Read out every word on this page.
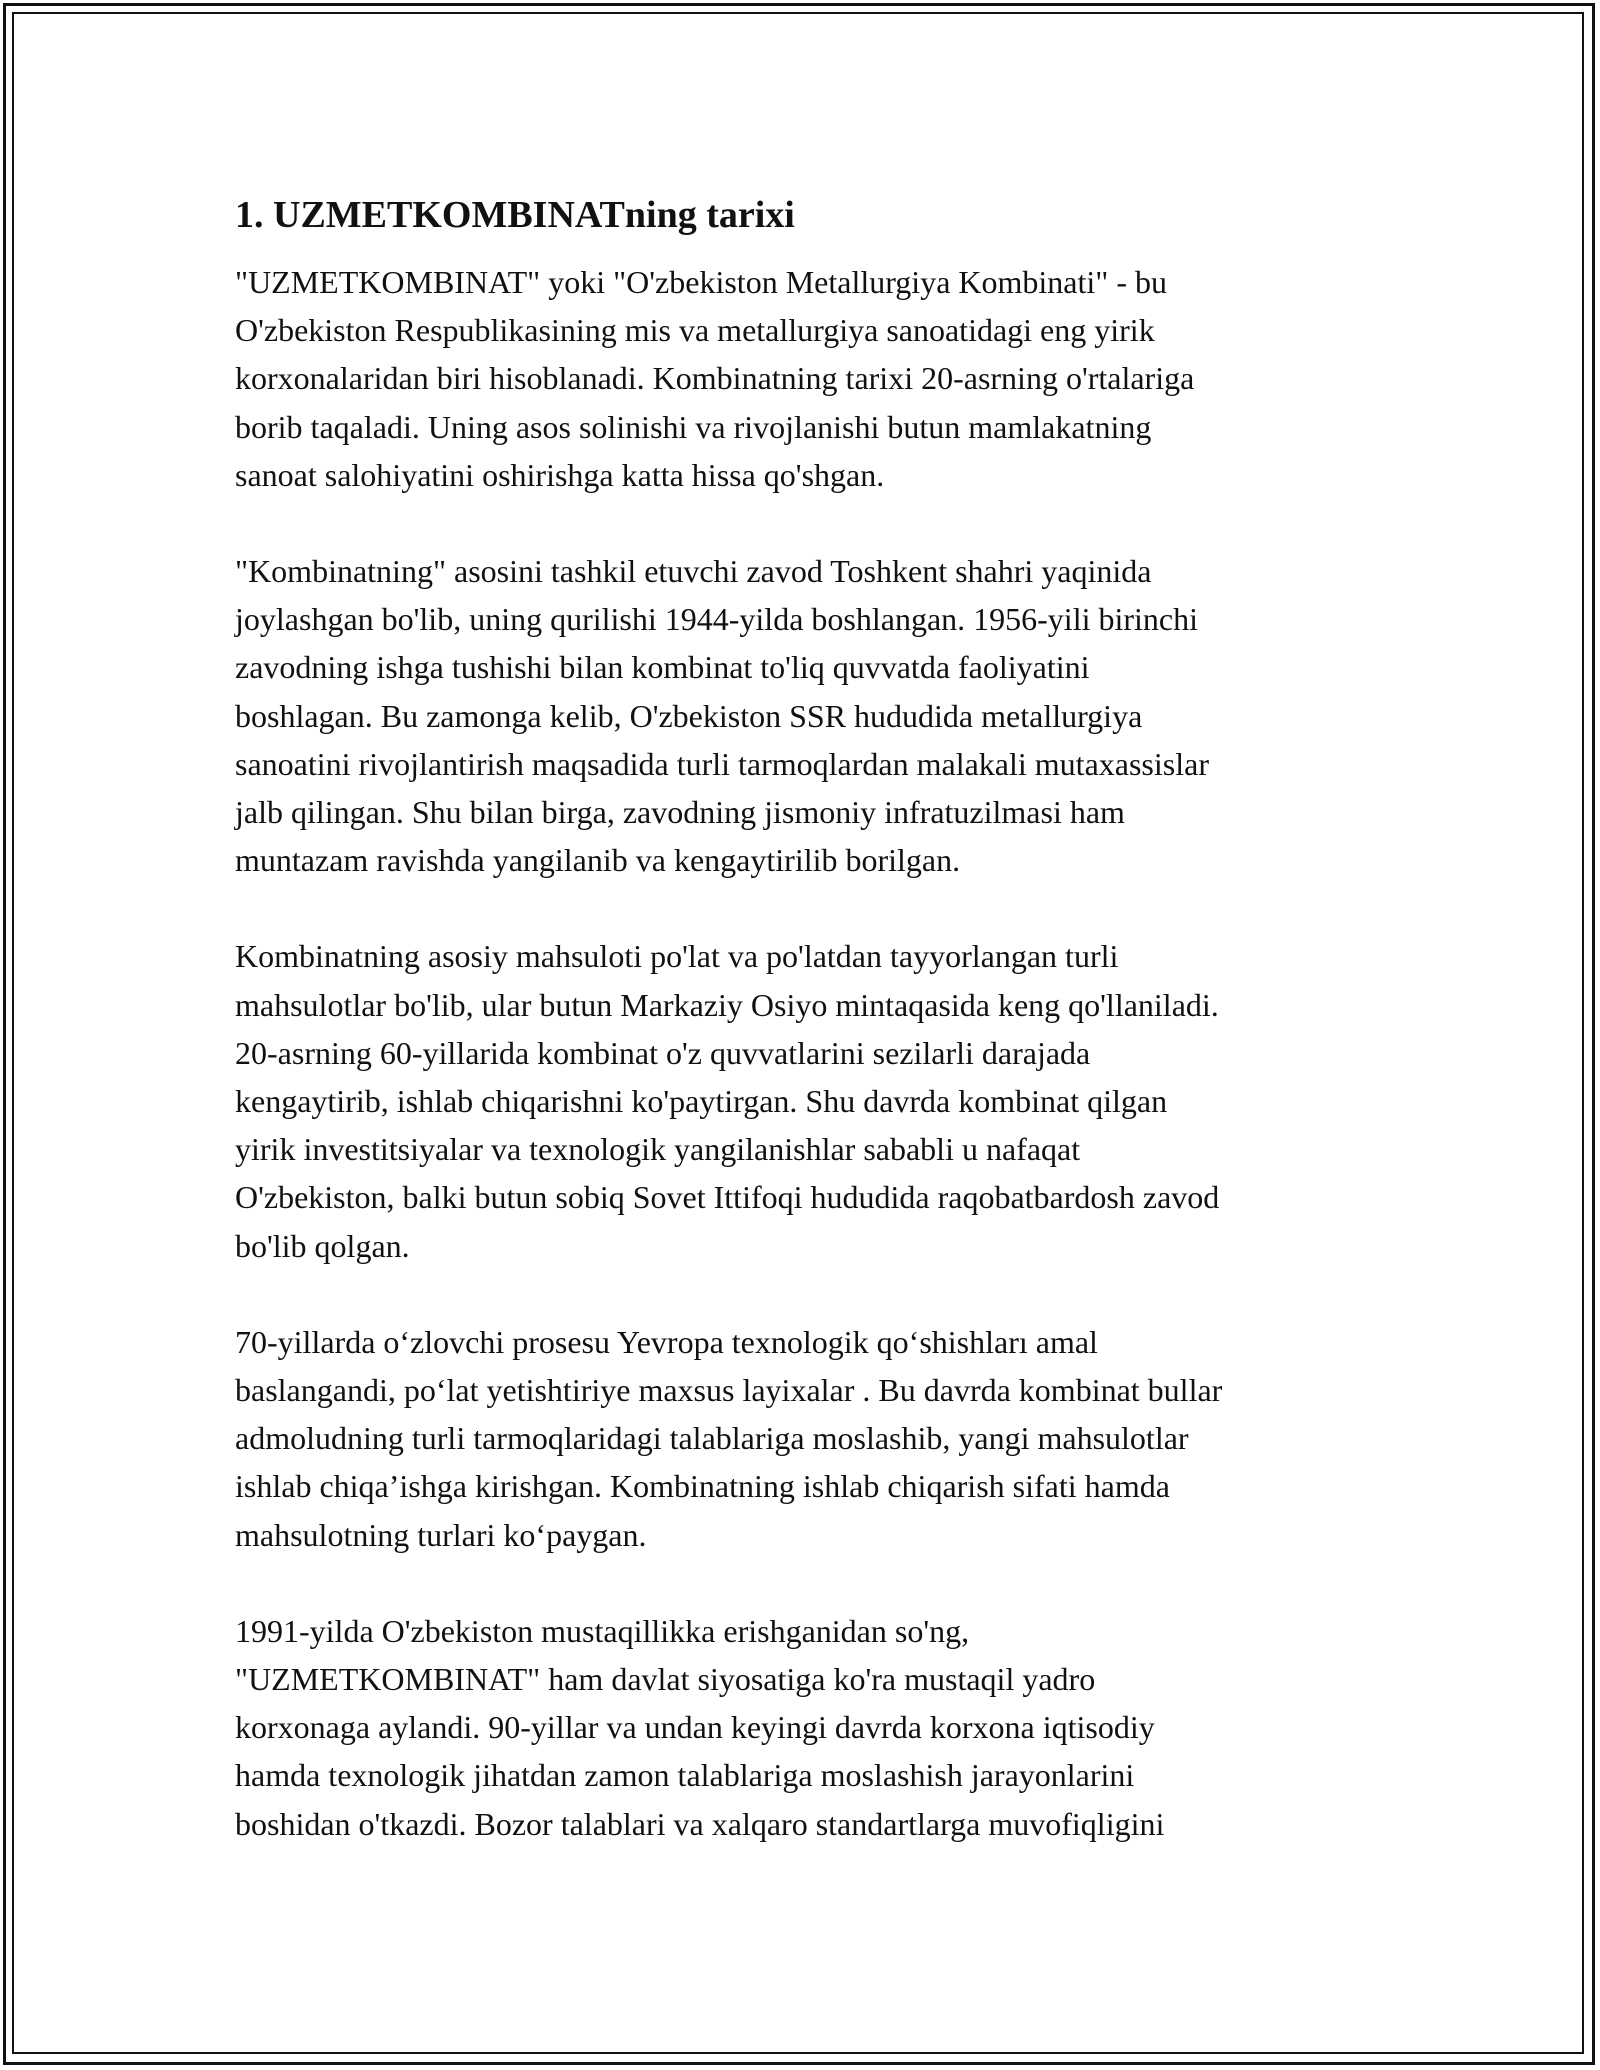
1. UZMETKOMBINATning tarixi

"UZMETKOMBINAT" yoki "O'zbekiston Metallurgiya Kombinati" - bu
O'zbekiston Respublikasining mis va metallurgiya sanoatidagi eng yirik
korxonalaridan biri hisoblanadi. Kombinatning tarixi 20-asrning o'rtalariga
borib taqaladi. Uning asos solinishi va rivojlanishi butun mamlakatning
sanoat salohiyatini oshirishga katta hissa qo'shgan.

"Kombinatning" asosini tashkil etuvchi zavod Toshkent shahri yaqinida
joylashgan bo'lib, uning qurilishi 1944-yilda boshlangan. 1956-yili birinchi
zavodning ishga tushishi bilan kombinat to'liq quvvatda faoliyatini
boshlagan. Bu zamonga kelib, O'zbekiston SSR hududida metallurgiya
sanoatini rivojlantirish maqsadida turli tarmoqlardan malakali mutaxassislar
jalb qilingan. Shu bilan birga, zavodning jismoniy infratuzilmasi ham
muntazam ravishda yangilanib va kengaytirilib borilgan.

Kombinatning asosiy mahsuloti po'lat va po'latdan tayyorlangan turli
mahsulotlar bo'lib, ular butun Markaziy Osiyo mintaqasida keng qo'llaniladi.
20-asrning 60-yillarida kombinat o'z quvvatlarini sezilarli darajada
kengaytirib, ishlab chiqarishni ko'paytirgan. Shu davrda kombinat qilgan
yirik investitsiyalar va texnologik yangilanishlar sababli u nafaqat
O'zbekiston, balki butun sobiq Sovet Ittifoqi hududida raqobatbardosh zavod
bo'lib qolgan.

70-yillarda o‘zlovchi prosesu Yevropa texnologik qo‘shishları amal
baslangandi, po‘lat yetishtiriye maxsus layixalar . Bu davrda kombinat bullar
admoludning turli tarmoqlaridagi talablariga moslashib, yangi mahsulotlar
ishlab chiqa’ishga kirishgan. Kombinatning ishlab chiqarish sifati hamda
mahsulotning turlari ko‘paygan.

1991-yilda O'zbekiston mustaqillikka erishganidan so'ng,
"UZMETKOMBINAT" ham davlat siyosatiga ko'ra mustaqil yadro
korxonaga aylandi. 90-yillar va undan keyingi davrda korxona iqtisodiy
hamda texnologik jihatdan zamon talablariga moslashish jarayonlarini
boshidan o'tkazdi. Bozor talablari va xalqaro standartlarga muvofiqligini
